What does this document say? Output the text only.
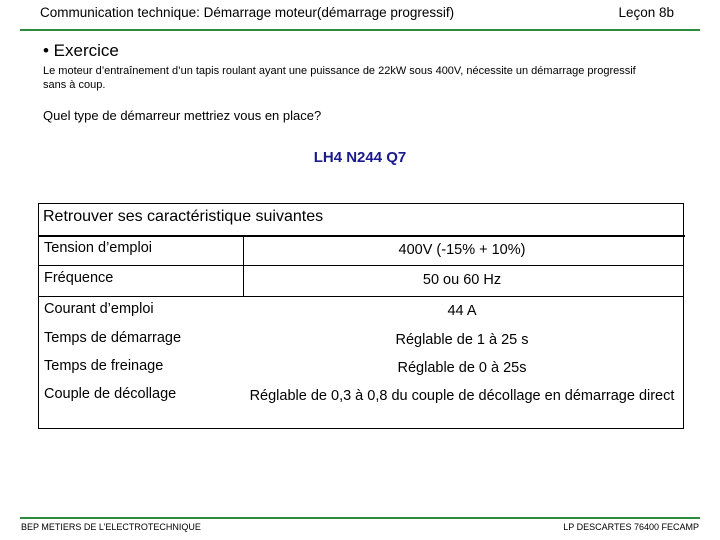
Communication technique: Démarrage moteur(démarrage progressif)	Leçon 8b
• Exercice
Le moteur d’entraînement d’un tapis roulant ayant une puissance de 22kW sous 400V, nécessite un démarrage progressif sans à coup.
Quel type de démarreur mettriez vous en place?
LH4 N244 Q7
Retrouver ses caractéristique suivantes
Tension d’emploi	400V (-15% + 10%)
Fréquence	50 ou 60 Hz
Courant d’emploi	44 A
Temps de démarrage	Réglable de 1 à 25 s
Temps de freinage	Réglable de 0 à 25s
Couple de décollage	Réglable de 0,3 à 0,8 du couple de décollage en démarrage direct
BEP METIERS DE L’ELECTROTECHNIQUE	LP DESCARTES 76400 FECAMP
